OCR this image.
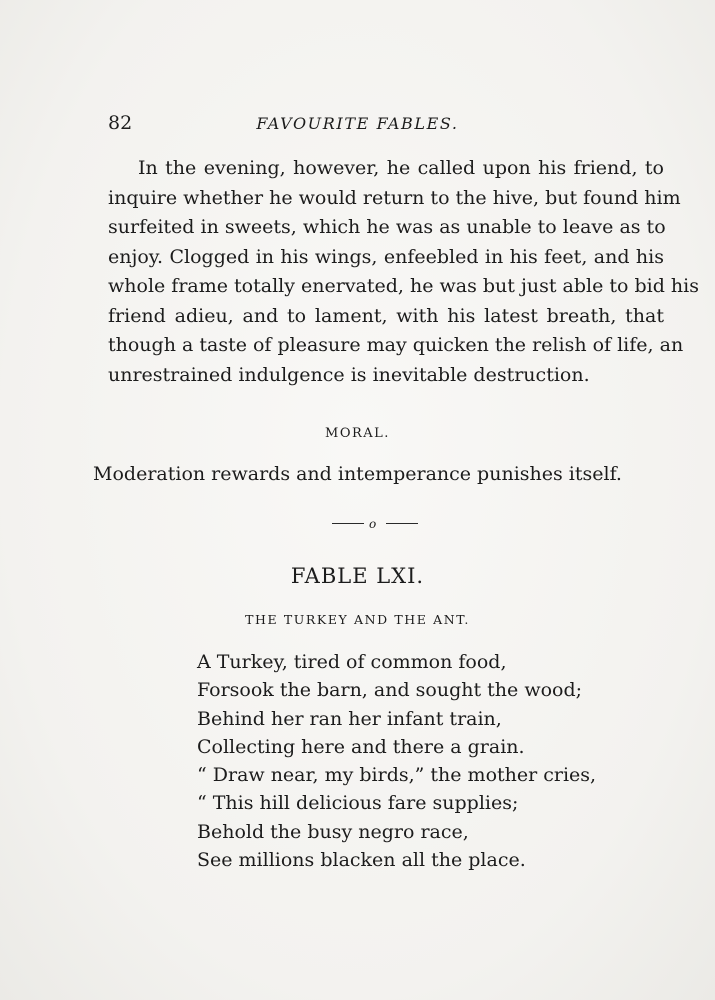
82	FAVOURITE FABLES.
In the evening, however, he called upon his friend, to
inquire whether he would return to the hive, but found him
surfeited in sweets, which he was as unable to leave as to
enjoy. Clogged in his wings, enfeebled in his feet, and his
whole frame totally enervated, he was but just able to bid his
friend adieu, and to lament, with his latest breath, that
though a taste of pleasure may quicken the relish of life, an
unrestrained indulgence is inevitable destruction.
MORAL.
Moderation rewards and intemperance punishes itself.
o
FABLE LXI.
THE TURKEY AND THE ANT.
A Turkey, tired of common food,
Forsook the barn, and sought the wood;
Behind her ran her infant train,
Collecting here and there a grain.
“ Draw near, my birds,” the mother cries,
“ This hill delicious fare supplies;
Behold the busy negro race,
See millions blacken all the place.
